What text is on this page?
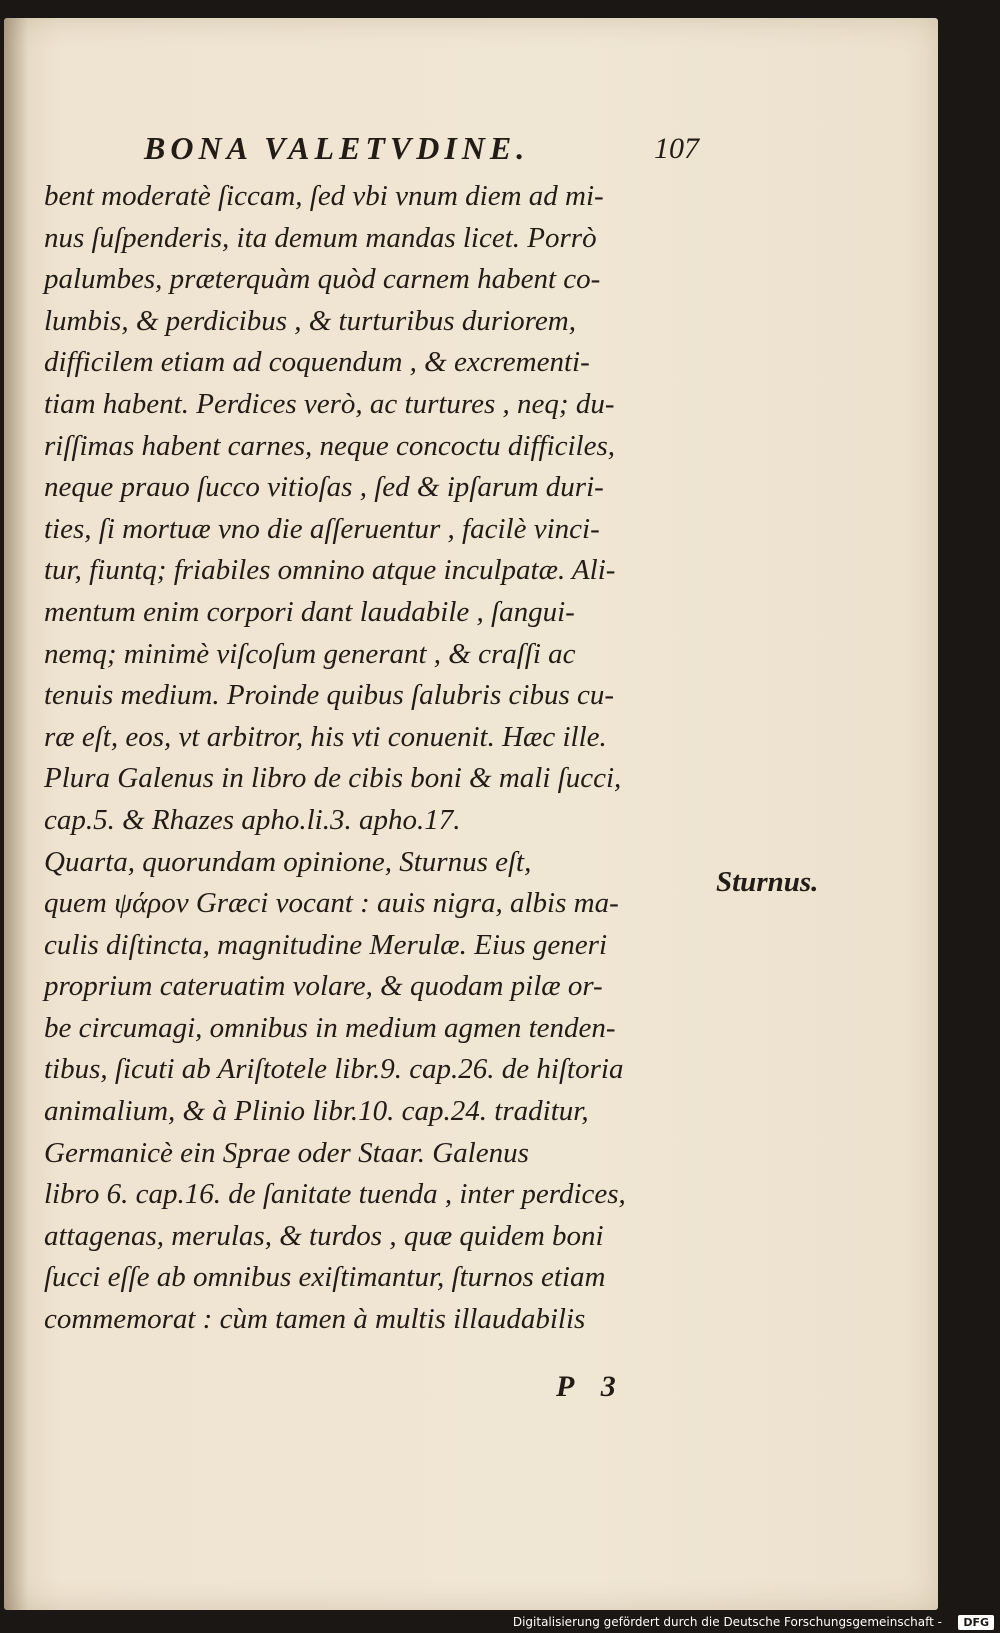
BONA VALETVDINE.	107
bent moderatè ſiccam, ſed vbi vnum diem ad mi-
nus ſuſpenderis, ita demum mandas licet. Porrò
palumbes, præterquàm quòd carnem habent co-
lumbis, & perdicibus , & turturibus duriorem,
difficilem etiam ad coquendum , & excrementi-
tiam habent. Perdices verò, ac turtures , neq; du-
riſſimas habent carnes, neque concoctu difficiles,
neque prauo ſucco vitioſas , ſed & ipſarum duri-
ties, ſi mortuæ vno die aſſeruentur , facilè vinci-
tur, fiuntq; friabiles omnino atque inculpatæ. Ali-
mentum enim corpori dant laudabile , ſangui-
nemq; minimè viſcoſum generant , & craſſi ac
tenuis medium. Proinde quibus ſalubris cibus cu-
ræ eſt, eos, vt arbitror, his vti conuenit. Hæc ille.
Plura Galenus in libro de cibis boni & mali ſucci,
cap.5. & Rhazes apho.li.3. apho.17.
Quarta, quorundam opinione, Sturnus eſt,
quem ψάρον Græci vocant : auis nigra, albis ma-
culis diſtincta, magnitudine Merulæ. Eius generi
proprium cateruatim volare, & quodam pilæ or-
be circumagi, omnibus in medium agmen tenden-
tibus, ſicuti ab Ariſtotele libr.9. cap.26. de hiſtoria
animalium, & à Plinio libr.10. cap.24. traditur,
Germanicè ein Sprae oder Staar. Galenus
libro 6. cap.16. de ſanitate tuenda , inter perdices,
attagenas, merulas, & turdos , quæ quidem boni
ſucci eſſe ab omnibus exiſtimantur, ſturnos etiam
commemorat : cùm tamen à multis illaudabilis
Sturnus.
P 3
Digitalisierung gefördert durch die Deutsche Forschungsgemeinschaft -	DFG
